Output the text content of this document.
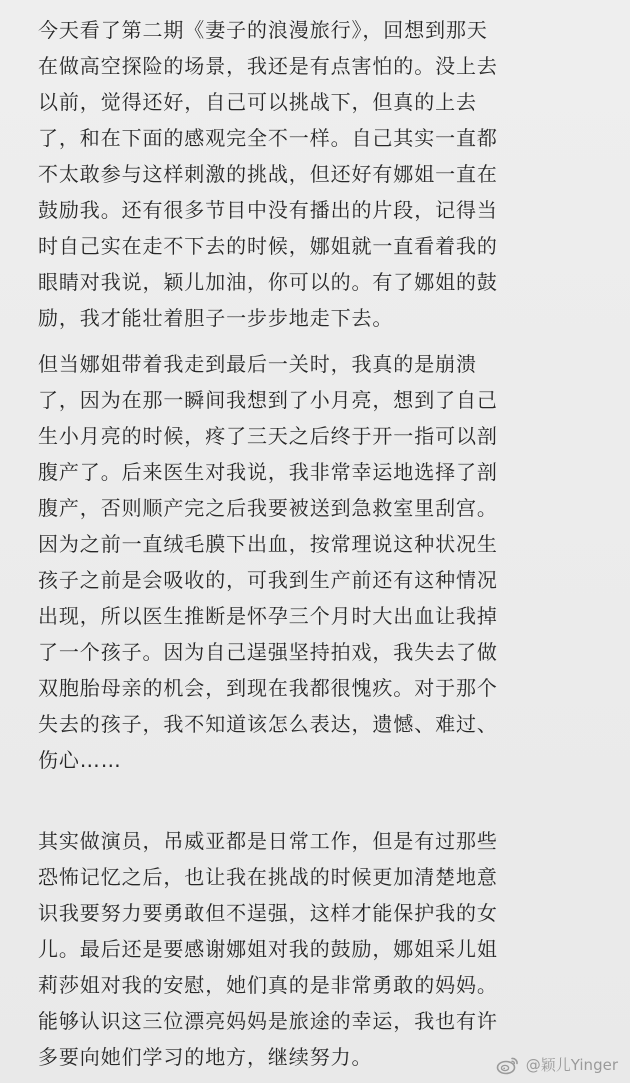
今天看了第二期《妻子的浪漫旅行》，回想到那天
在做高空探险的场景，我还是有点害怕的。没上去
以前，觉得还好，自己可以挑战下，但真的上去
了，和在下面的感观完全不一样。自己其实一直都
不太敢参与这样刺激的挑战，但还好有娜姐一直在
鼓励我。还有很多节目中没有播出的片段，记得当
时自己实在走不下去的时候，娜姐就一直看着我的
眼睛对我说，颖儿加油，你可以的。有了娜姐的鼓
励，我才能壮着胆子一步步地走下去。
但当娜姐带着我走到最后一关时，我真的是崩溃
了，因为在那一瞬间我想到了小月亮，想到了自己
生小月亮的时候，疼了三天之后终于开一指可以剖
腹产了。后来医生对我说，我非常幸运地选择了剖
腹产，否则顺产完之后我要被送到急救室里刮宫。
因为之前一直绒毛膜下出血，按常理说这种状况生
孩子之前是会吸收的，可我到生产前还有这种情况
出现，所以医生推断是怀孕三个月时大出血让我掉
了一个孩子。因为自己逞强坚持拍戏，我失去了做
双胞胎母亲的机会，到现在我都很愧疚。对于那个
失去的孩子，我不知道该怎么表达，遗憾、难过、
伤心……
其实做演员，吊威亚都是日常工作，但是有过那些
恐怖记忆之后，也让我在挑战的时候更加清楚地意
识我要努力要勇敢但不逞强，这样才能保护我的女
儿。最后还是要感谢娜姐对我的鼓励，娜姐采儿姐
莉莎姐对我的安慰，她们真的是非常勇敢的妈妈。
能够认识这三位漂亮妈妈是旅途的幸运，我也有许
多要向她们学习的地方，继续努力。	@颖儿Yinger
